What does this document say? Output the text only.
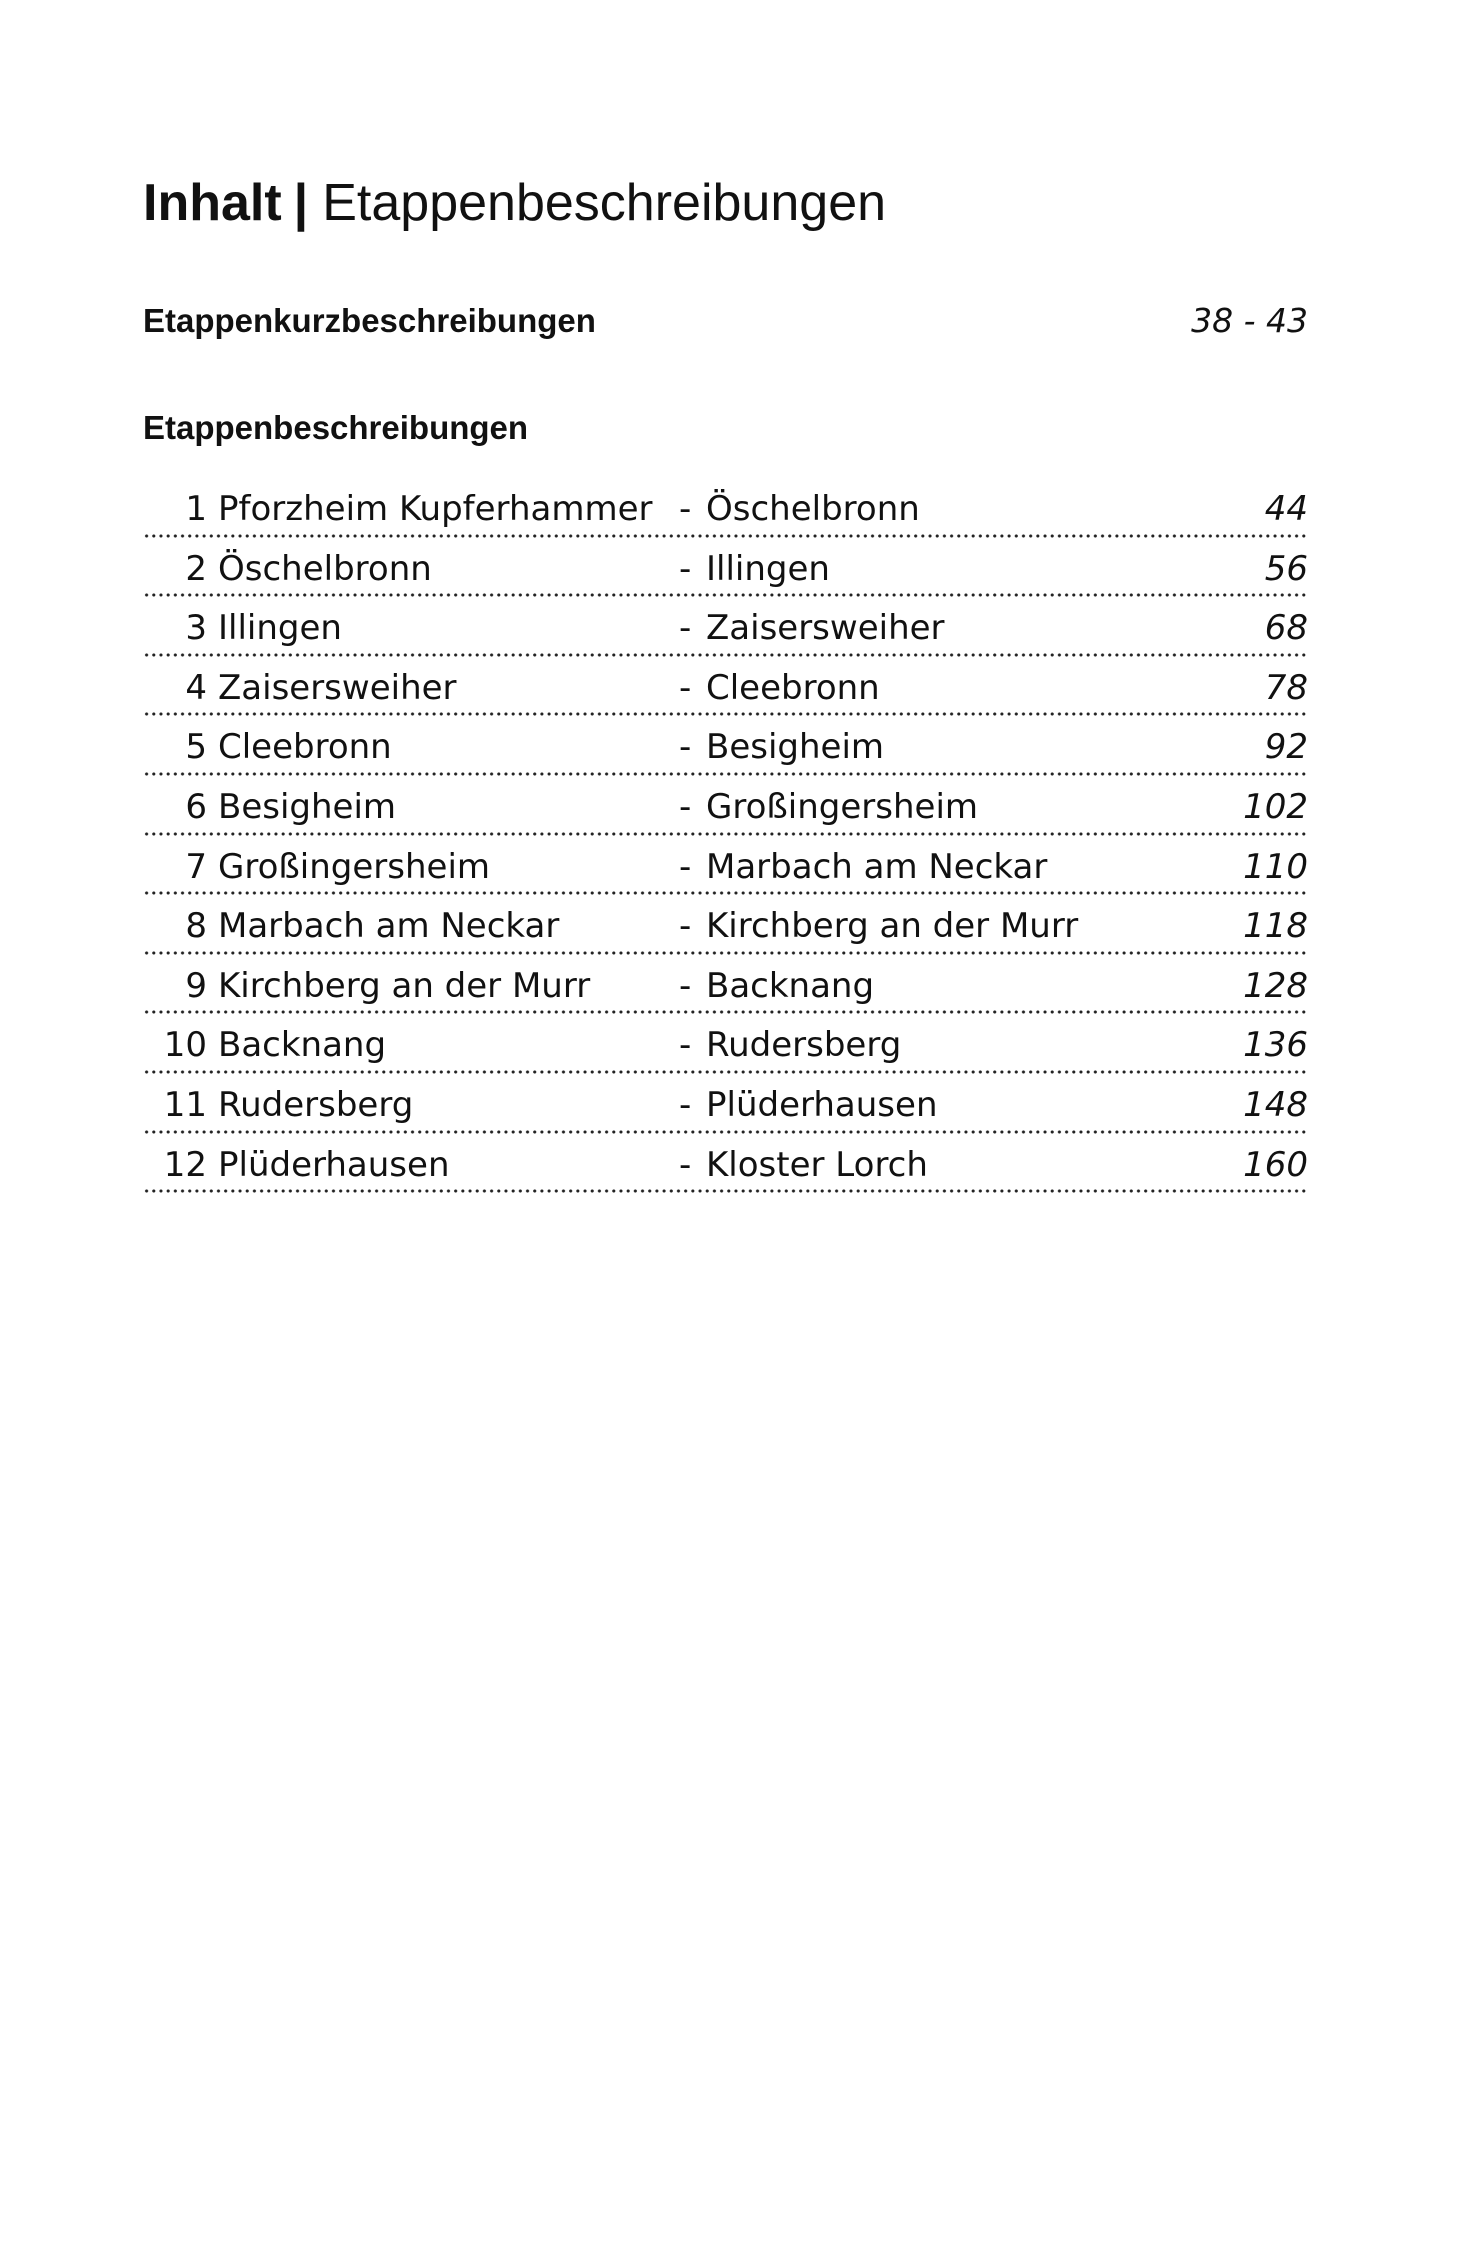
Inhalt | Etappenbeschreibungen
Etappenkurzbeschreibungen	38 - 43
Etappenbeschreibungen
1 Pforzheim Kupferhammer - Öschelbronn	44
2 Öschelbronn	- Illingen	56
3 Illingen	- Zaisersweiher	68
4 Zaisersweiher	- Cleebronn	78
5 Cleebronn	- Besigheim	92
6 Besigheim	- Großingersheim	102
7 Großingersheim	- Marbach am Neckar	110
8 Marbach am Neckar	- Kirchberg an der Murr	118
9 Kirchberg an der Murr	- Backnang	128
10 Backnang	- Rudersberg	136
11 Rudersberg	- Plüderhausen	148
12 Plüderhausen	- Kloster Lorch	160
